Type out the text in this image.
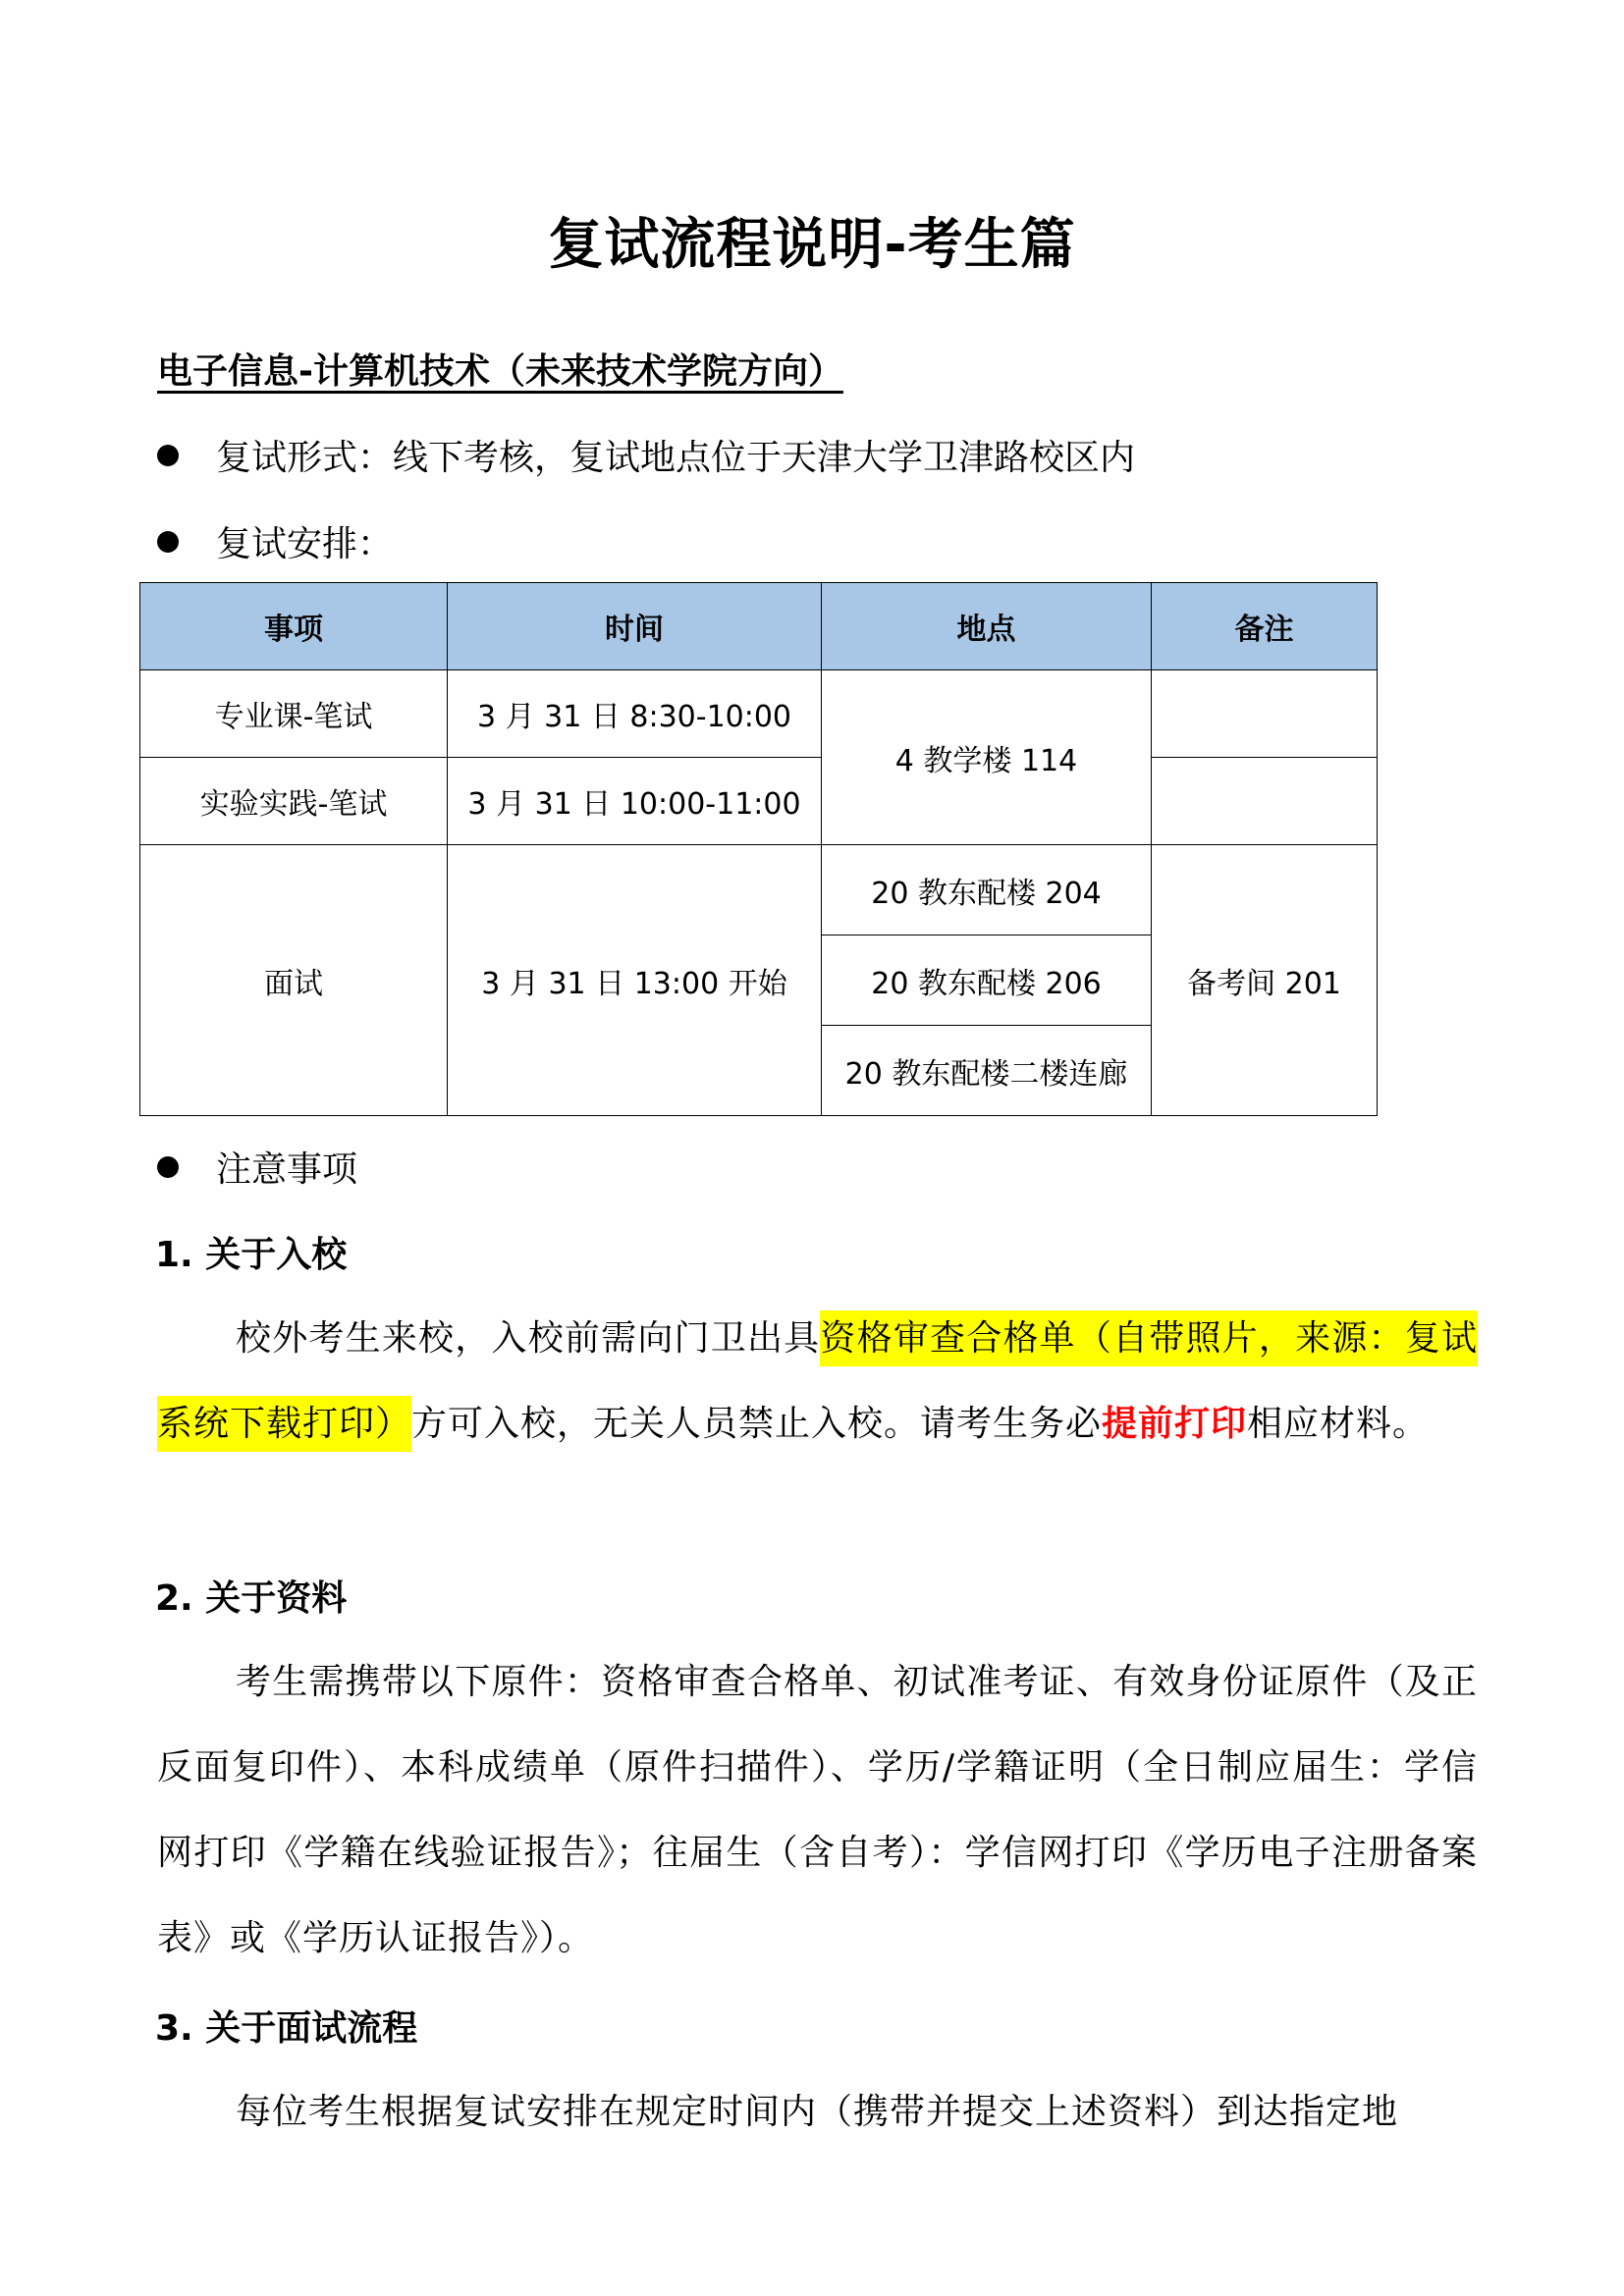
复试流程说明-考生篇
电子信息-计算机技术（未来技术学院方向）
复试形式：线下考核，复试地点位于天津大学卫津路校区内
复试安排：
事项	时间	地点	备注
专业课-笔试	3 月 31 日 8:30-10:00	4 教学楼 114	
实验实践-笔试	3 月 31 日 10:00-11:00		
面试	3 月 31 日 13:00 开始	20 教东配楼 204	备考间 201
		20 教东配楼 206	
		20 教东配楼二楼连廊	
注意事项
1. 关于入校
校外考生来校，入校前需向门卫出具资格审查合格单（自带照片，来源：复试系统下载打印）方可入校，无关人员禁止入校。请考生务必提前打印相应材料。
2. 关于资料
考生需携带以下原件：资格审查合格单、初试准考证、有效身份证原件（及正反面复印件）、本科成绩单（原件扫描件）、学历/学籍证明（全日制应届生：学信网打印《学籍在线验证报告》；往届生（含自考）：学信网打印《学历电子注册备案表》或《学历认证报告》）。
3. 关于面试流程
每位考生根据复试安排在规定时间内（携带并提交上述资料）到达指定地
